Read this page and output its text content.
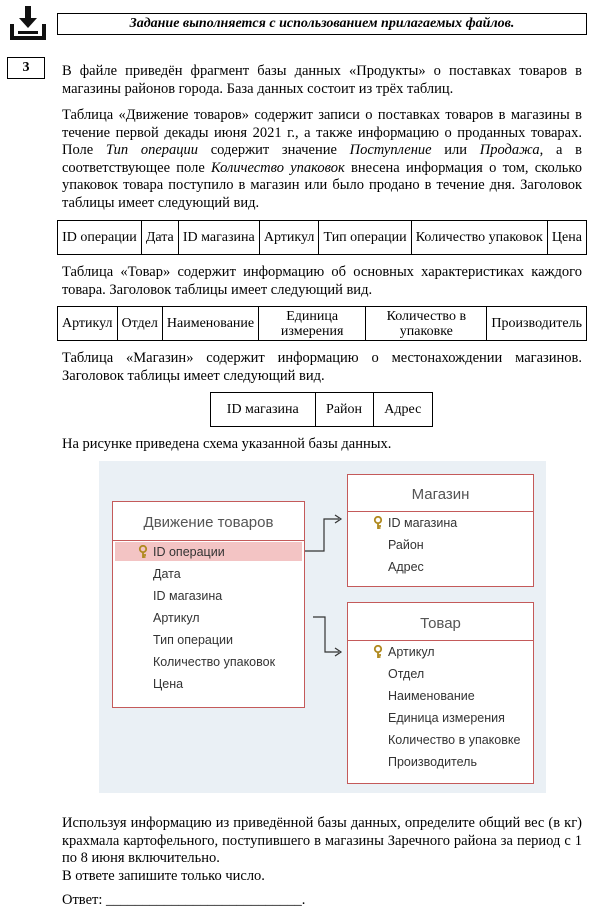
Задание выполняется с использованием прилагаемых файлов.
3	В файле приведён фрагмент базы данных «Продукты» о поставках товаров в магазины районов города. База данных состоит из трёх таблиц.

Таблица «Движение товаров» содержит записи о поставках товаров в магазины в течение первой декады июня 2021 г., а также информацию о проданных товарах. Поле Тип операции содержит значение Поступление или Продажа, а в соответствующее поле Количество упаковок внесена информация о том, сколько упаковок товара поступило в магазин или было продано в течение дня. Заголовок таблицы имеет следующий вид.

ID операции	Дата	ID магазина	Артикул	Тип операции	Количество упаковок	Цена

Таблица «Товар» содержит информацию об основных характеристиках каждого товара. Заголовок таблицы имеет следующий вид.

Артикул	Отдел	Наименование	Единица измерения	Количество в упаковке	Производитель

Таблица «Магазин» содержит информацию о местонахождении магазинов. Заголовок таблицы имеет следующий вид.

ID магазина	Район	Адрес

На рисунке приведена схема указанной базы данных.

Движение товаров
ID операции
Дата
ID магазина
Артикул
Тип операции
Количество упаковок
Цена
Магазин
ID магазина
Район
Адрес
Товар
Артикул
Отдел
Наименование
Единица измерения
Количество в упаковке
Производитель

Используя информацию из приведённой базы данных, определите общий вес (в кг) крахмала картофельного, поступившего в магазины Заречного района за период с 1 по 8 июня включительно.

В ответе запишите только число.

Ответ: ___________________________.
